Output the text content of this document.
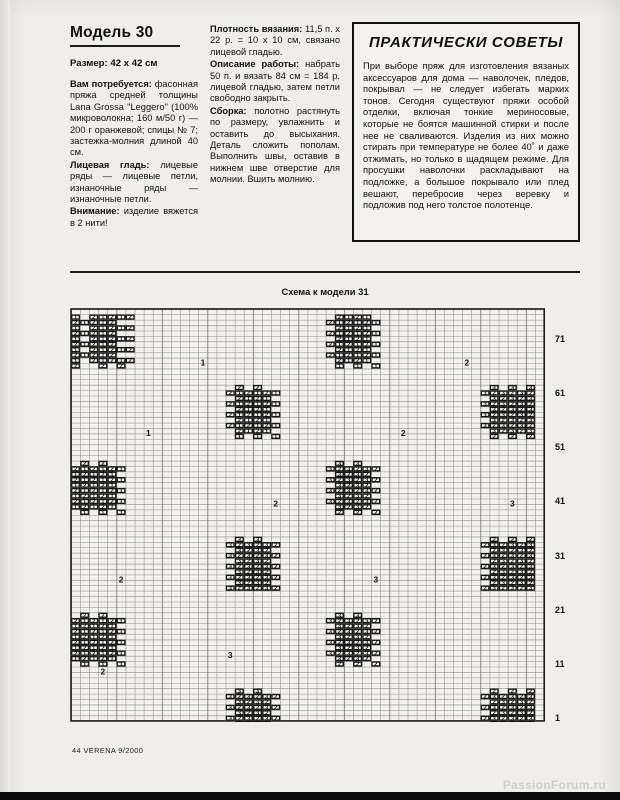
Модель 30
Размер: 42 x 42 см

Вам потребуется: фасонная пряжа средней толщины Lana Grossa "Leggero" (100% микроволокна; 160 м/50 г) — 200 г оранжевой; спицы № 7; застежка-молния длиной 40 см.

Лицевая гладь: лицевые ряды — лицевые петли, изнаночные ряды — изнаночные петли.

Внимание: изделие вяжется в 2 нити!

Плотность вязания: 11,5 п. х 22 р. = 10 х 10 см, связано лицевой гладью.

Описание работы: набрать 50 п. и вязать 84 см = 184 р. лицевой гладью, затем петли свободно закрыть.

Сборка: полотно растянуть по размеру, увлажнить и оставить до высыхания. Деталь сложить пополам. Выполнить швы, оставив в нижнем шве отверстие для молнии. Вшить молнию.

ПРАКТИЧЕСКИ СОВЕТЫ

При выборе пряж для изготовления вязаных аксессуаров для дома — наволочек, пледов, покрывал — не следует избегать марких тонов. Сегодня существуют пряжи особой отделки, включая тонкие мериносовые, которые не боятся машинной стирки и после нее не сваливаются. Изделия из них можно стирать при температуре не более 40˚ и даже отжимать, но только в щадящем режиме. Для просушки наволочки раскладывают на подложке, а большое покрывало или плед вешают, перебросив через веревку и подложив под него толстое полотенце.

Схема к модели 31
71
61
51
41
31
21
11
1
44 VERENA 9/2000
PassionForum.ru
